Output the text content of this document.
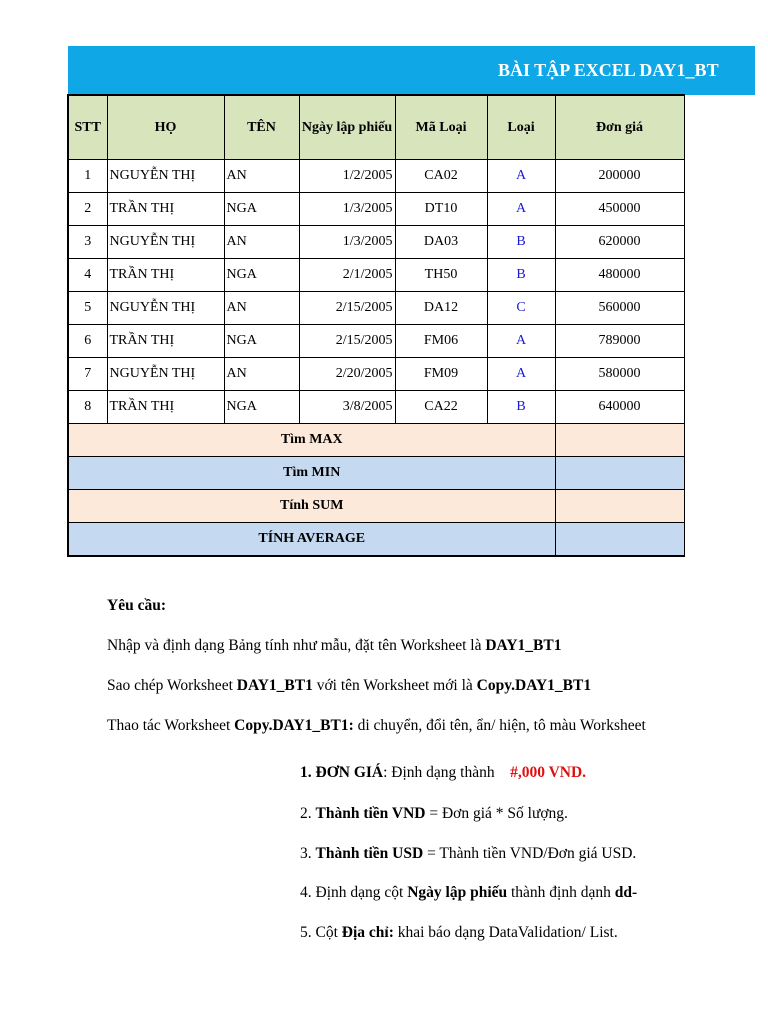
BÀI TẬP EXCEL DAY1_BT
STT	HỌ	TÊN	Ngày lập phiếu	Mã Loại	Loại	Đơn giá
1	NGUYỄN THỊ	AN	1/2/2005	CA02	A	200000
2	TRẦN THỊ	NGA	1/3/2005	DT10	A	450000
3	NGUYỄN THỊ	AN	1/3/2005	DA03	B	620000
4	TRẦN THỊ	NGA	2/1/2005	TH50	B	480000
5	NGUYỄN THỊ	AN	2/15/2005	DA12	C	560000
6	TRẦN THỊ	NGA	2/15/2005	FM06	A	789000
7	NGUYỄN THỊ	AN	2/20/2005	FM09	A	580000
8	TRẦN THỊ	NGA	3/8/2005	CA22	B	640000
Tìm MAX						
Tìm MIN						
Tính SUM						
TÍNH AVERAGE						
Yêu cầu:
Nhập và định dạng Bảng tính như mẫu, đặt tên Worksheet là DAY1_BT1
Sao chép Worksheet DAY1_BT1 với tên Worksheet mới là Copy.DAY1_BT1
Thao tác Worksheet Copy.DAY1_BT1: di chuyển, đổi tên, ẩn/ hiện, tô màu Worksheet
1. ĐƠN GIÁ: Định dạng thành    #,000 VND.
2. Thành tiền VND = Đơn giá * Số lượng.
3. Thành tiền USD = Thành tiền VND/Đơn giá USD.
4. Định dạng cột Ngày lập phiếu thành định dạnh dd-
5. Cột Địa chỉ: khai báo dạng DataValidation/ List.
